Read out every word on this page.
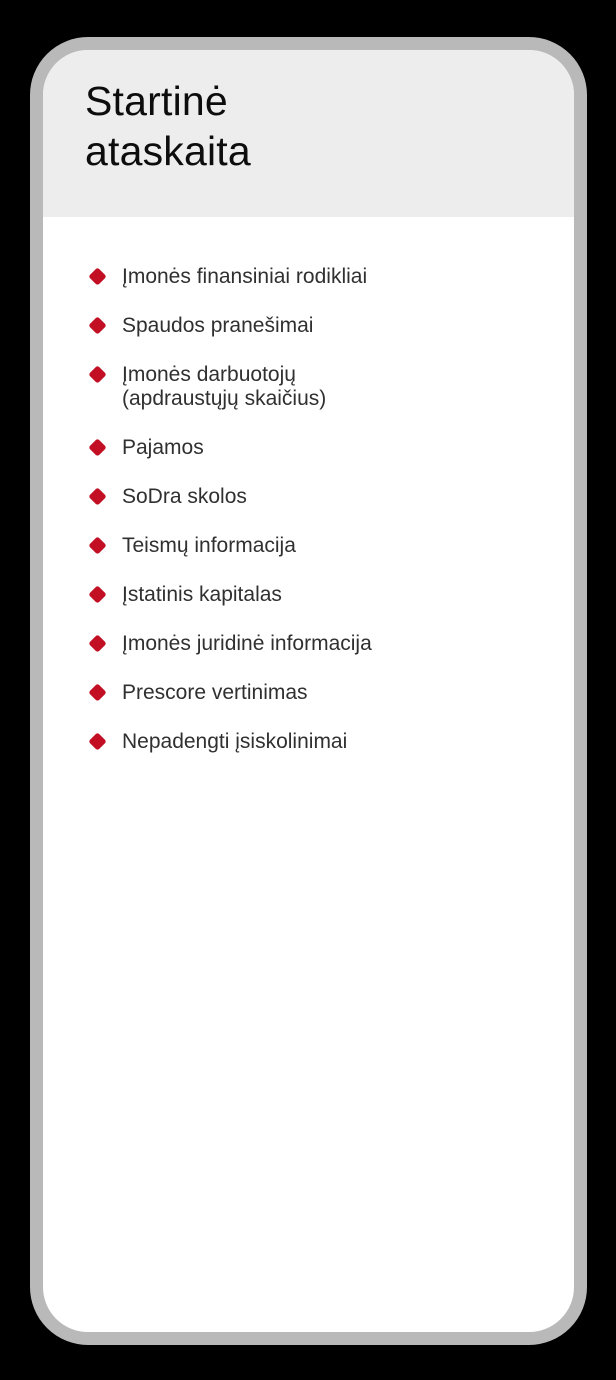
Startinė ataskaita
Įmonės finansiniai rodikliai
Spaudos pranešimai
Įmonės darbuotojų
(apdraustųjų skaičius)
Pajamos
SoDra skolos
Teismų informacija
Įstatinis kapitalas
Įmonės juridinė informacija
Prescore vertinimas
Nepadengti įsiskolinimai
